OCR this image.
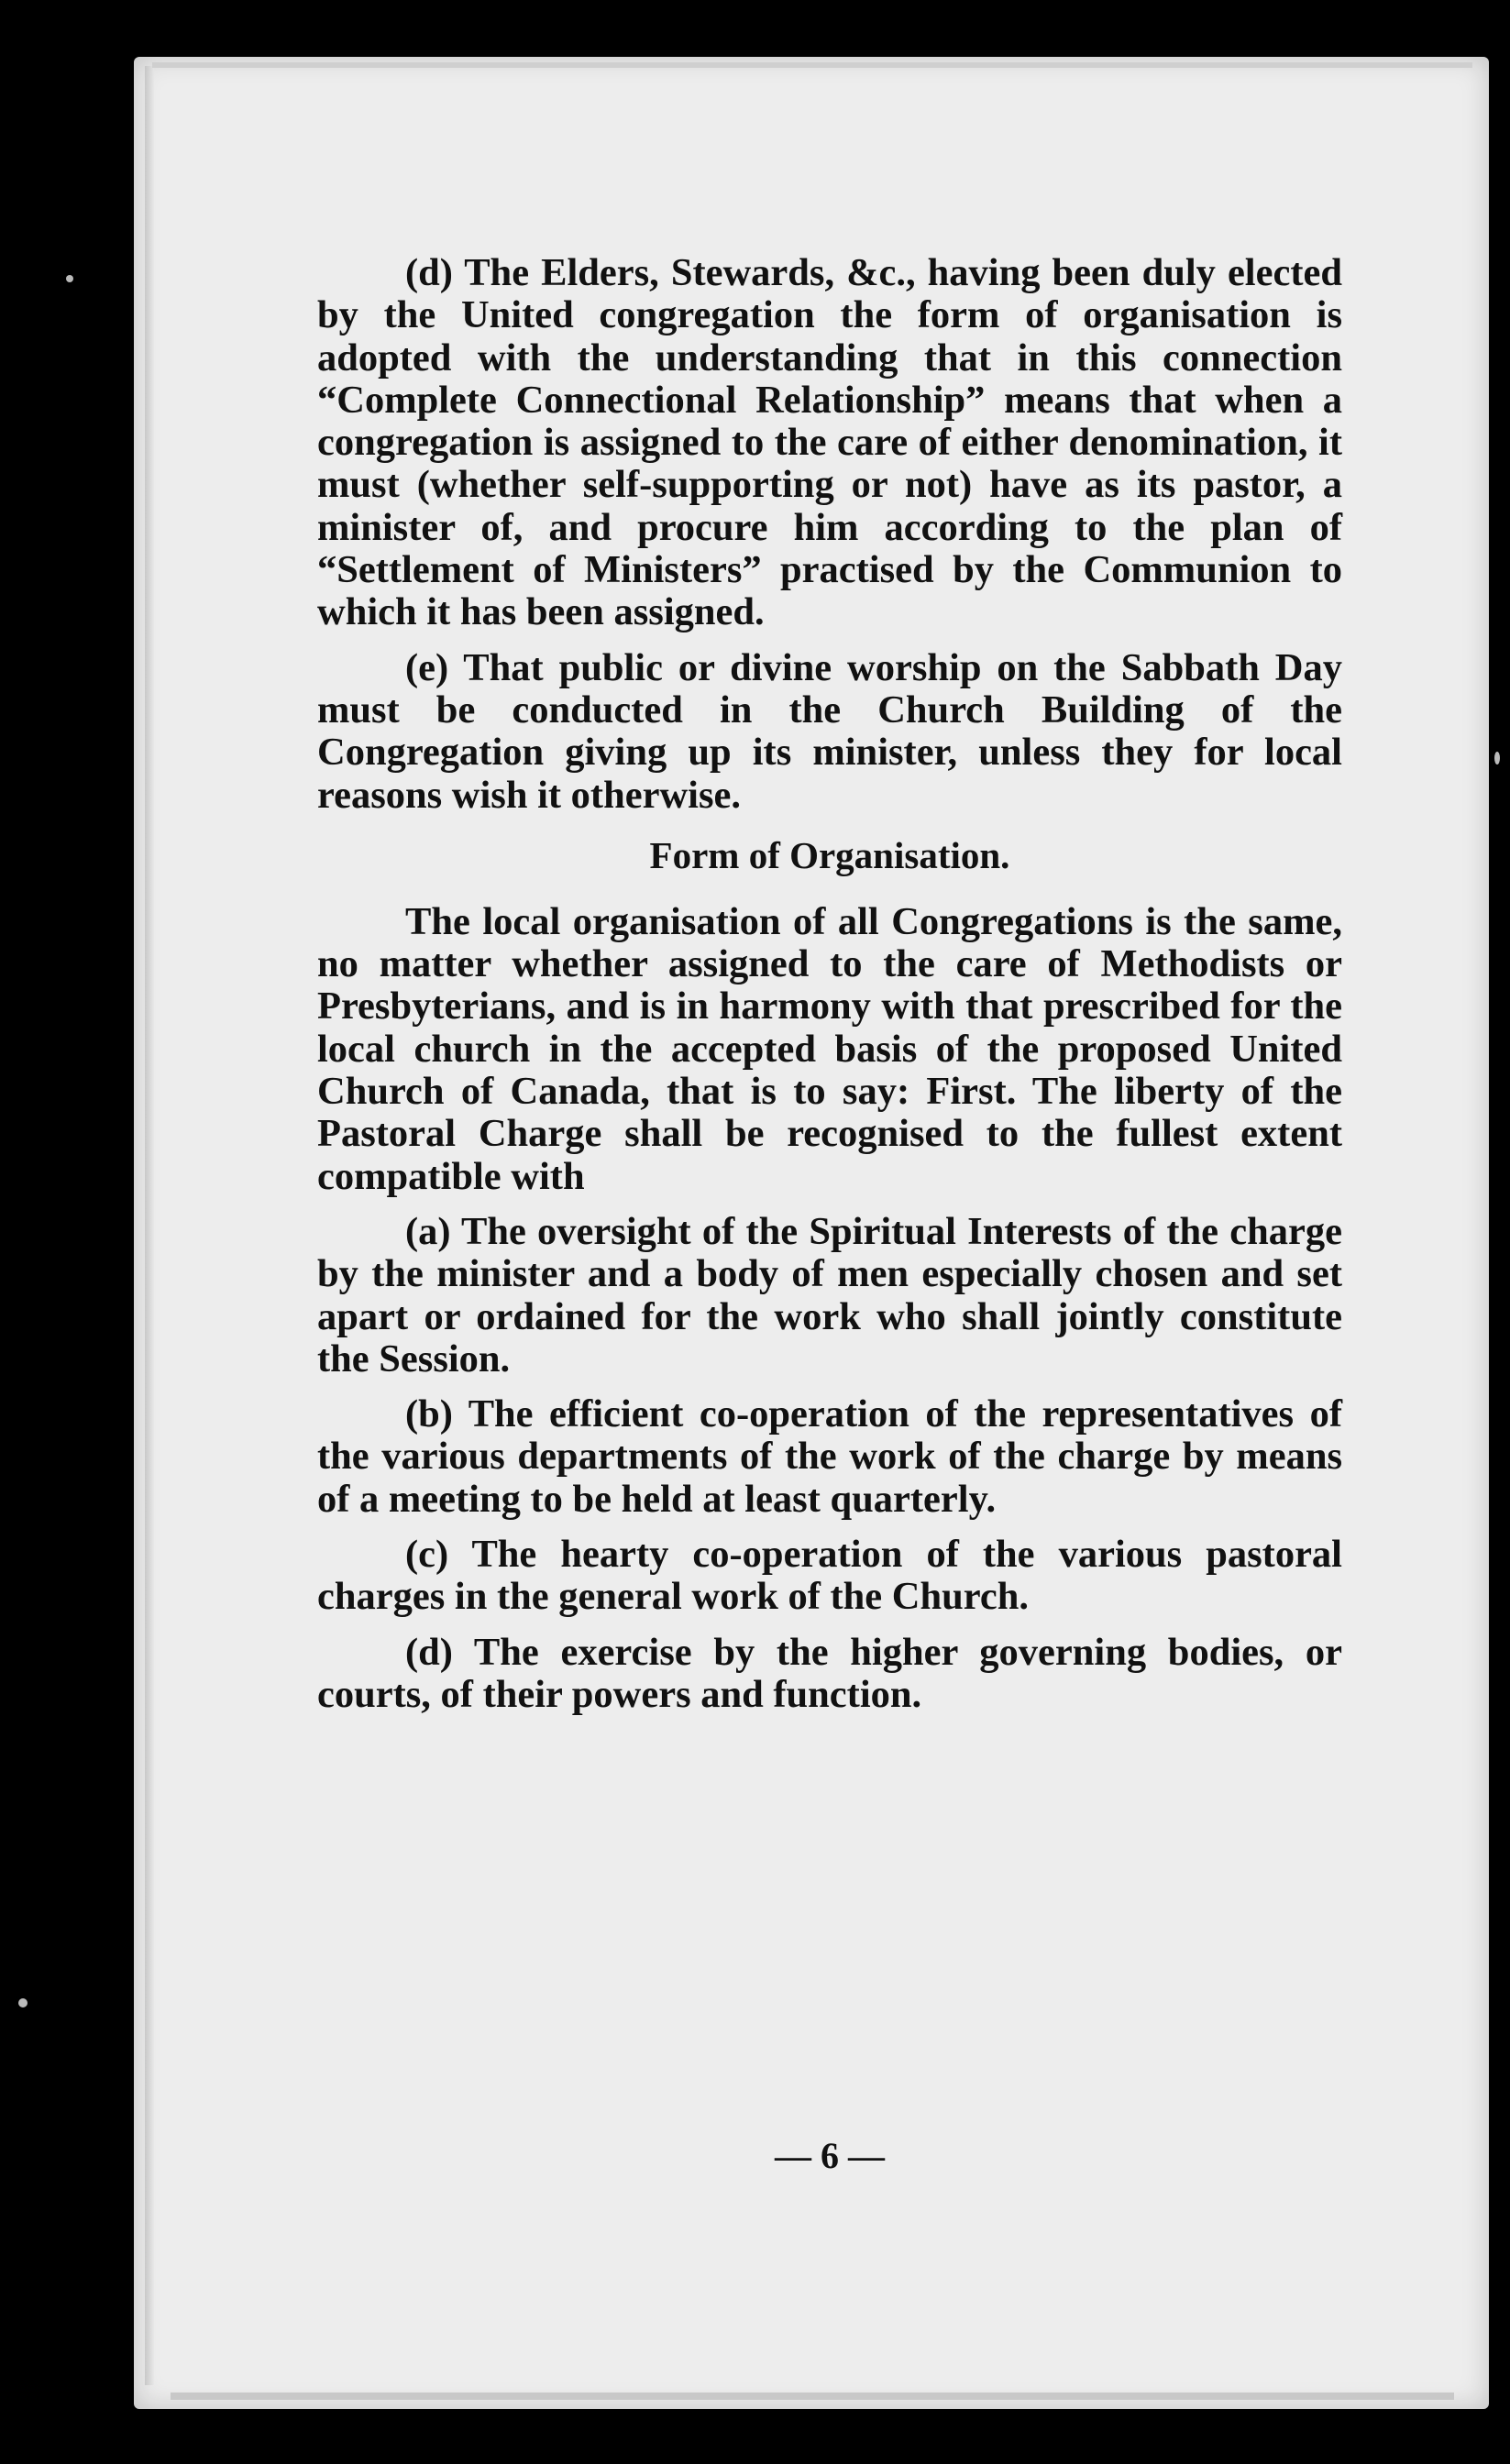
(d) The Elders, Stewards, &c., having been duly elected by the United congregation the form of organisation is adopted with the understanding that in this connection “Complete Connectional Relationship” means that when a congregation is assigned to the care of either denomination, it must (whether self-supporting or not) have as its pastor, a minister of, and procure him according to the plan of “Settlement of Ministers” practised by the Communion to which it has been assigned.

(e) That public or divine worship on the Sabbath Day must be conducted in the Church Building of the Congregation giving up its minister, unless they for local reasons wish it otherwise.

Form of Organisation.

The local organisation of all Congregations is the same, no matter whether assigned to the care of Methodists or Presbyterians, and is in harmony with that prescribed for the local church in the accepted basis of the proposed United Church of Canada, that is to say: First. The liberty of the Pastoral Charge shall be recognised to the fullest extent compatible with

(a) The oversight of the Spiritual Interests of the charge by the minister and a body of men especially chosen and set apart or ordained for the work who shall jointly constitute the Session.

(b) The efficient co-operation of the representatives of the various departments of the work of the charge by means of a meeting to be held at least quarterly.

(c) The hearty co-operation of the various pastoral charges in the general work of the Church.

(d) The exercise by the higher governing bodies, or courts, of their powers and function.

— 6 —
